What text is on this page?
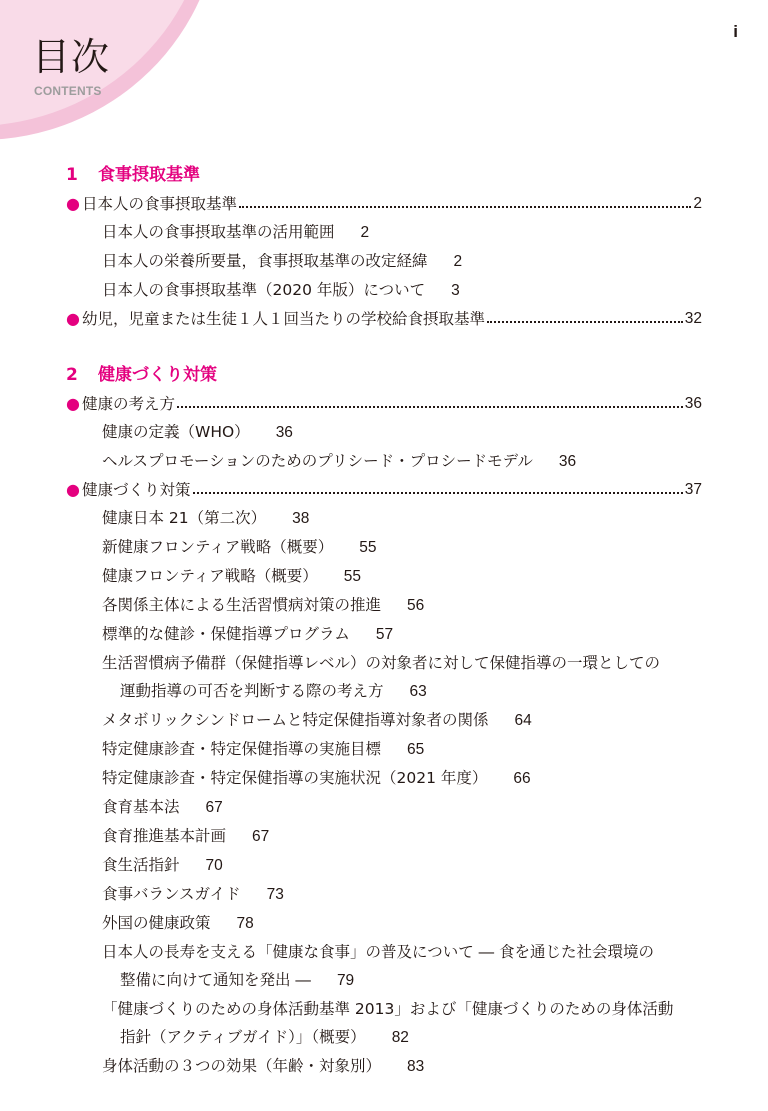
目次
CONTENTS
i
1 食事摂取基準
● 日本人の食事摂取基準	2
日本人の食事摂取基準の活用範囲 2
日本人の栄養所要量，食事摂取基準の改定経緯 2
日本人の食事摂取基準（2020 年版）について 3
● 幼児，児童または生徒１人１回当たりの学校給食摂取基準	32
2 健康づくり対策
● 健康の考え方	36
健康の定義（WHO） 36
ヘルスプロモーションのためのプリシード・プロシードモデル 36
● 健康づくり対策	37
健康日本 21（第二次） 38
新健康フロンティア戦略（概要） 55
健康フロンティア戦略（概要） 55
各関係主体による生活習慣病対策の推進 56
標準的な健診・保健指導プログラム 57
生活習慣病予備群（保健指導レベル）の対象者に対して保健指導の一環としての
運動指導の可否を判断する際の考え方 63
メタボリックシンドロームと特定保健指導対象者の関係 64
特定健康診査・特定保健指導の実施目標 65
特定健康診査・特定保健指導の実施状況（2021 年度） 66
食育基本法 67
食育推進基本計画 67
食生活指針 70
食事バランスガイド 73
外国の健康政策 78
日本人の長寿を支える「健康な食事」の普及について ― 食を通じた社会環境の
整備に向けて通知を発出 ― 79
「健康づくりのための身体活動基準 2013」および「健康づくりのための身体活動
指針（アクティブガイド）」（概要） 82
身体活動の３つの効果（年齢・対象別） 83
